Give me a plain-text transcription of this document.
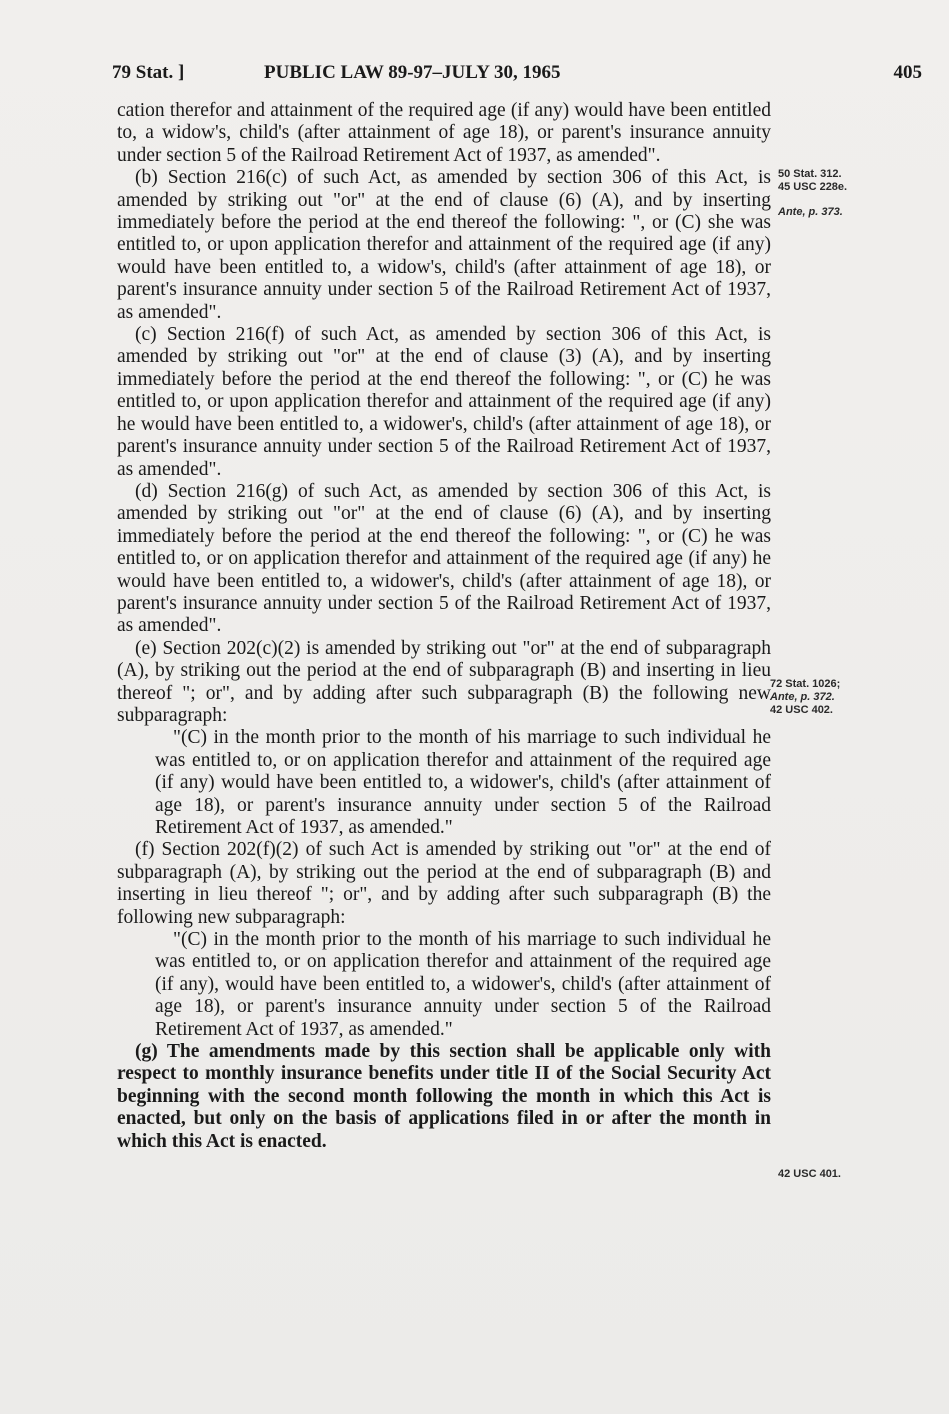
79 Stat. ]	PUBLIC LAW 89-97–JULY 30, 1965	405

cation therefor and attainment of the required age (if any) would have been entitled to, a widow's, child's (after attainment of age 18), or parent's insurance annuity under section 5 of the Railroad Retirement Act of 1937, as amended".

(b) Section 216(c) of such Act, as amended by section 306 of this Act, is amended by striking out "or" at the end of clause (6) (A), and by inserting immediately before the period at the end thereof the following: ", or (C) she was entitled to, or upon application therefor and attainment of the required age (if any) would have been entitled to, a widow's, child's (after attainment of age 18), or parent's insurance annuity under section 5 of the Railroad Retirement Act of 1937, as amended".

(c) Section 216(f) of such Act, as amended by section 306 of this Act, is amended by striking out "or" at the end of clause (3) (A), and by inserting immediately before the period at the end thereof the following: ", or (C) he was entitled to, or upon application therefor and attainment of the required age (if any) he would have been entitled to, a widower's, child's (after attainment of age 18), or parent's insurance annuity under section 5 of the Railroad Retirement Act of 1937, as amended".

(d) Section 216(g) of such Act, as amended by section 306 of this Act, is amended by striking out "or" at the end of clause (6) (A), and by inserting immediately before the period at the end thereof the following: ", or (C) he was entitled to, or on application therefor and attainment of the required age (if any) he would have been entitled to, a widower's, child's (after attainment of age 18), or parent's insurance annuity under section 5 of the Railroad Retirement Act of 1937, as amended".

(e) Section 202(c)(2) is amended by striking out "or" at the end of subparagraph (A), by striking out the period at the end of subparagraph (B) and inserting in lieu thereof "; or", and by adding after such subparagraph (B) the following new subparagraph:

"(C) in the month prior to the month of his marriage to such individual he was entitled to, or on application therefor and attainment of the required age (if any) would have been entitled to, a widower's, child's (after attainment of age 18), or parent's insurance annuity under section 5 of the Railroad Retirement Act of 1937, as amended."

(f) Section 202(f)(2) of such Act is amended by striking out "or" at the end of subparagraph (A), by striking out the period at the end of subparagraph (B) and inserting in lieu thereof "; or", and by adding after such subparagraph (B) the following new subparagraph:

"(C) in the month prior to the month of his marriage to such individual he was entitled to, or on application therefor and attainment of the required age (if any), would have been entitled to, a widower's, child's (after attainment of age 18), or parent's insurance annuity under section 5 of the Railroad Retirement Act of 1937, as amended."

(g) The amendments made by this section shall be applicable only with respect to monthly insurance benefits under title II of the Social Security Act beginning with the second month following the month in which this Act is enacted, but only on the basis of applications filed in or after the month in which this Act is enacted.

50 Stat. 312.
45 USC 228e.
Ante, p. 373.
72 Stat. 1026;
Ante, p. 372.
42 USC 402.
42 USC 401.
